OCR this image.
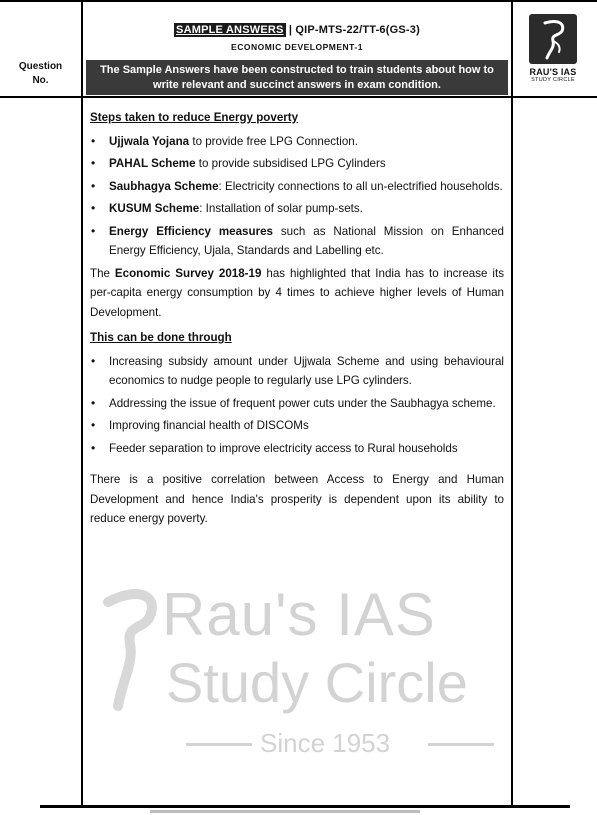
Question
No.
SAMPLE ANSWERS | QIP-MTS-22/TT-6(GS-3)
ECONOMIC DEVELOPMENT-1
The Sample Answers have been constructed to train students about how to write relevant and succinct answers in exam condition.
RAU'S IAS
STUDY CIRCLE
Rau's IAS
Study Circle
Since 1953
Steps taken to reduce Energy poverty
• Ujjwala Yojana to provide free LPG Connection.
• PAHAL Scheme to provide subsidised LPG Cylinders
• Saubhagya Scheme: Electricity connections to all un-electrified households.
• KUSUM Scheme: Installation of solar pump-sets.
• Energy Efficiency measures such as National Mission on Enhanced Energy Efficiency, Ujala, Standards and Labelling etc.
The Economic Survey 2018-19 has highlighted that India has to increase its per-capita energy consumption by 4 times to achieve higher levels of Human Development.
This can be done through
• Increasing subsidy amount under Ujjwala Scheme and using behavioural economics to nudge people to regularly use LPG cylinders.
• Addressing the issue of frequent power cuts under the Saubhagya scheme.
• Improving financial health of DISCOMs
• Feeder separation to improve electricity access to Rural households
There is a positive correlation between Access to Energy and Human Development and hence India's prosperity is dependent upon its ability to reduce energy poverty.
